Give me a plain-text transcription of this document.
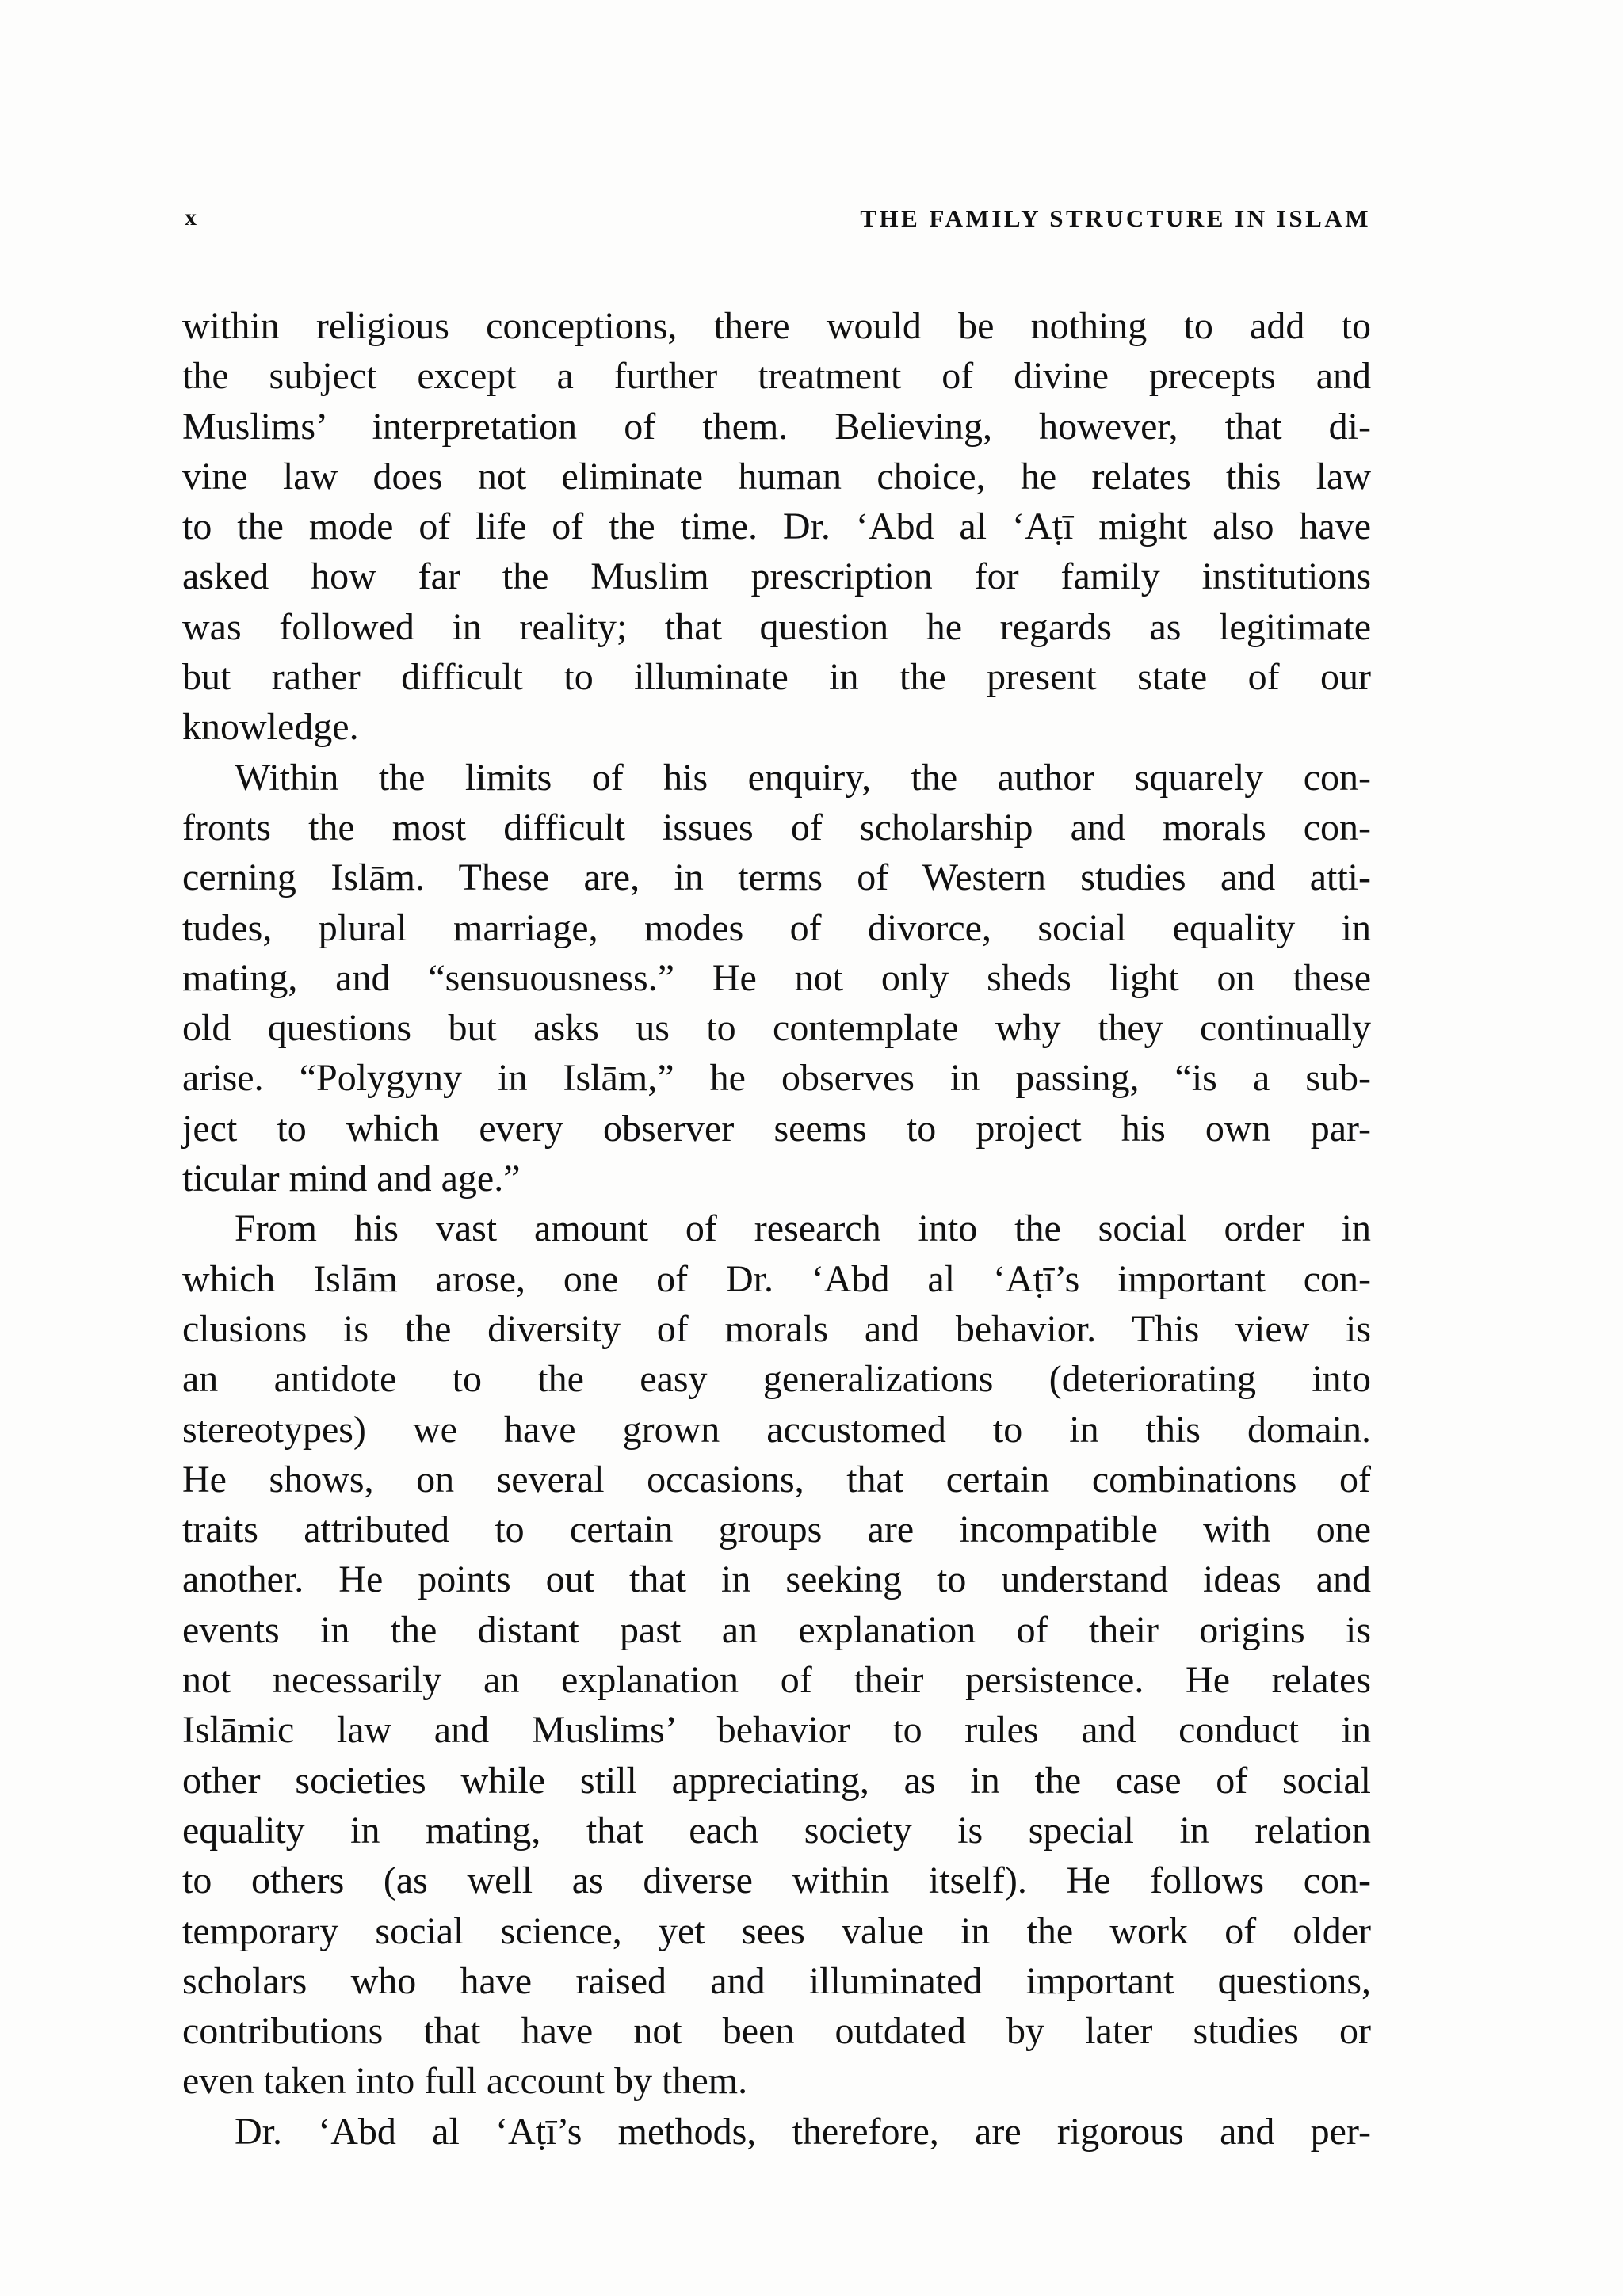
x	THE FAMILY STRUCTURE IN ISLAM
within religious conceptions, there would be nothing to add to
the subject except a further treatment of divine precepts and
Muslims’ interpretation of them. Believing, however, that di-
vine law does not eliminate human choice, he relates this law
to the mode of life of the time. Dr. ‘Abd al ‘Aṭī might also have
asked how far the Muslim prescription for family institutions
was followed in reality; that question he regards as legitimate
but rather difficult to illuminate in the present state of our
knowledge.
Within the limits of his enquiry, the author squarely con-
fronts the most difficult issues of scholarship and morals con-
cerning Islām. These are, in terms of Western studies and atti-
tudes, plural marriage, modes of divorce, social equality in
mating, and “sensuousness.” He not only sheds light on these
old questions but asks us to contemplate why they continually
arise. “Polygyny in Islām,” he observes in passing, “is a sub-
ject to which every observer seems to project his own par-
ticular mind and age.”
From his vast amount of research into the social order in
which Islām arose, one of Dr. ‘Abd al ‘Aṭī’s important con-
clusions is the diversity of morals and behavior. This view is
an antidote to the easy generalizations (deteriorating into
stereotypes) we have grown accustomed to in this domain.
He shows, on several occasions, that certain combinations of
traits attributed to certain groups are incompatible with one
another. He points out that in seeking to understand ideas and
events in the distant past an explanation of their origins is
not necessarily an explanation of their persistence. He relates
Islāmic law and Muslims’ behavior to rules and conduct in
other societies while still appreciating, as in the case of social
equality in mating, that each society is special in relation
to others (as well as diverse within itself). He follows con-
temporary social science, yet sees value in the work of older
scholars who have raised and illuminated important questions,
contributions that have not been outdated by later studies or
even taken into full account by them.
Dr. ‘Abd al ‘Aṭī’s methods, therefore, are rigorous and per-
